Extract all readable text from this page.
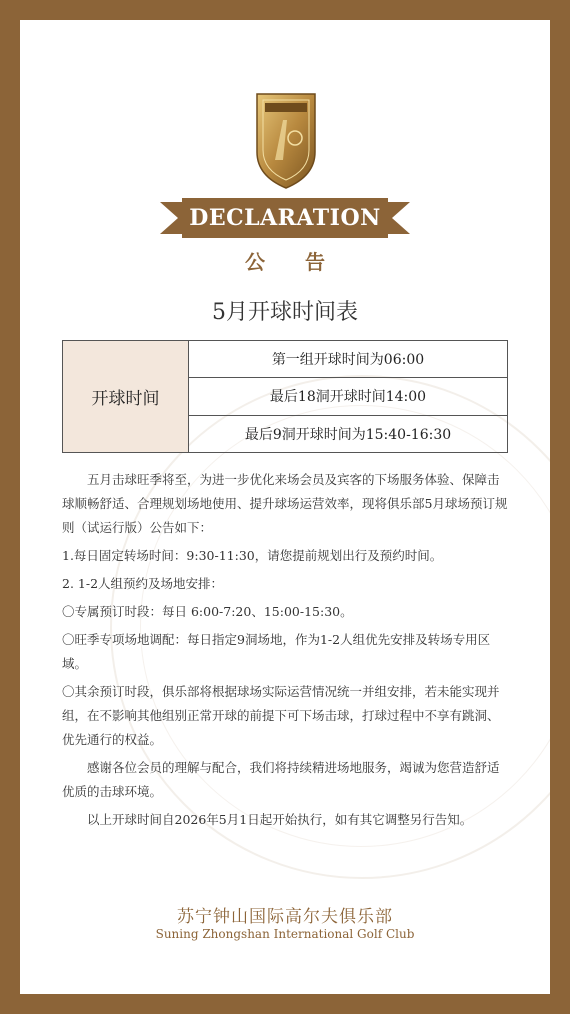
DECLARATION
公告
5月开球时间表
开球时间
第一组开球时间为06:00
最后18洞开球时间14:00
最后9洞开球时间为15:40-16:30

五月击球旺季将至，为进一步优化来场会员及宾客的下场服务体验、保障击球顺畅舒适、合理规划场地使用、提升球场运营效率，现将俱乐部5月球场预订规则（试运行版）公告如下：

1.每日固定转场时间：9:30-11:30，请您提前规划出行及预约时间。

2. 1-2人组预约及场地安排：

〇专属预订时段：每日 6:00-7:20、15:00-15:30。

〇旺季专项场地调配：每日指定9洞场地，作为1-2人组优先安排及转场专用区域。

〇其余预订时段，俱乐部将根据球场实际运营情况统一并组安排，若未能实现并组，在不影响其他组别正常开球的前提下可下场击球，打球过程中不享有跳洞、优先通行的权益。

感谢各位会员的理解与配合，我们将持续精进场地服务，竭诚为您营造舒适优质的击球环境。

以上开球时间自2026年5月1日起开始执行，如有其它调整另行告知。

苏宁钟山国际高尔夫俱乐部
Suning Zhongshan International Golf Club
